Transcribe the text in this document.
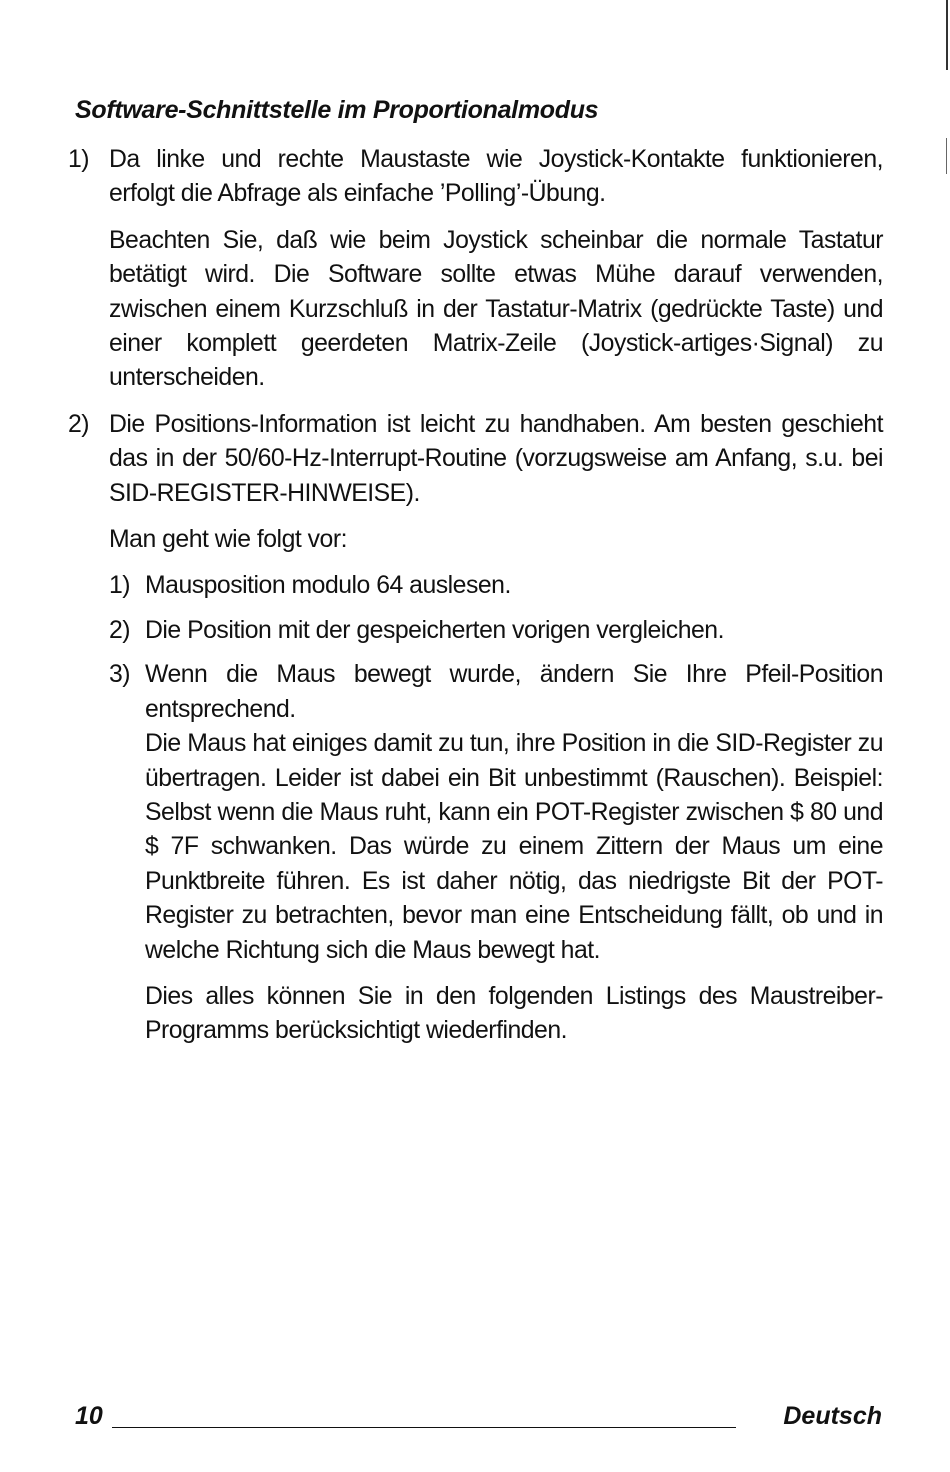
Software-Schnittstelle im Proportionalmodus
1) Da linke und rechte Maustaste wie Joystick-Kontakte funktionieren, erfolgt die Abfrage als einfache ’Polling’-Übung.

Beachten Sie, daß wie beim Joystick scheinbar die normale Tastatur betätigt wird. Die Software sollte etwas Mühe darauf verwenden, zwischen einem Kurzschluß in der Tastatur-Matrix (gedrückte Taste) und einer komplett geerdeten Matrix-Zeile (Joystick-artiges·Signal) zu unterscheiden.

2) Die Positions-Information ist leicht zu handhaben. Am besten geschieht das in der 50/60-Hz-Interrupt-Routine (vorzugsweise am Anfang, s.u. bei SID-REGISTER-HINWEISE).

Man geht wie folgt vor:

1) Mausposition modulo 64 auslesen.

2) Die Position mit der gespeicherten vorigen vergleichen.

3) Wenn die Maus bewegt wurde, ändern Sie Ihre Pfeil-Position entsprechend.

Die Maus hat einiges damit zu tun, ihre Position in die SID-Register zu übertragen. Leider ist dabei ein Bit unbestimmt (Rauschen). Beispiel: Selbst wenn die Maus ruht, kann ein POT-Register zwischen $ 80 und $ 7F schwanken. Das würde zu einem Zittern der Maus um eine Punktbreite führen. Es ist daher nötig, das niedrigste Bit der POT-Register zu betrachten, bevor man eine Entscheidung fällt, ob und in welche Richtung sich die Maus bewegt hat.

Dies alles können Sie in den folgenden Listings des Maustreiber-Programms berücksichtigt wiederfinden.

10	Deutsch
